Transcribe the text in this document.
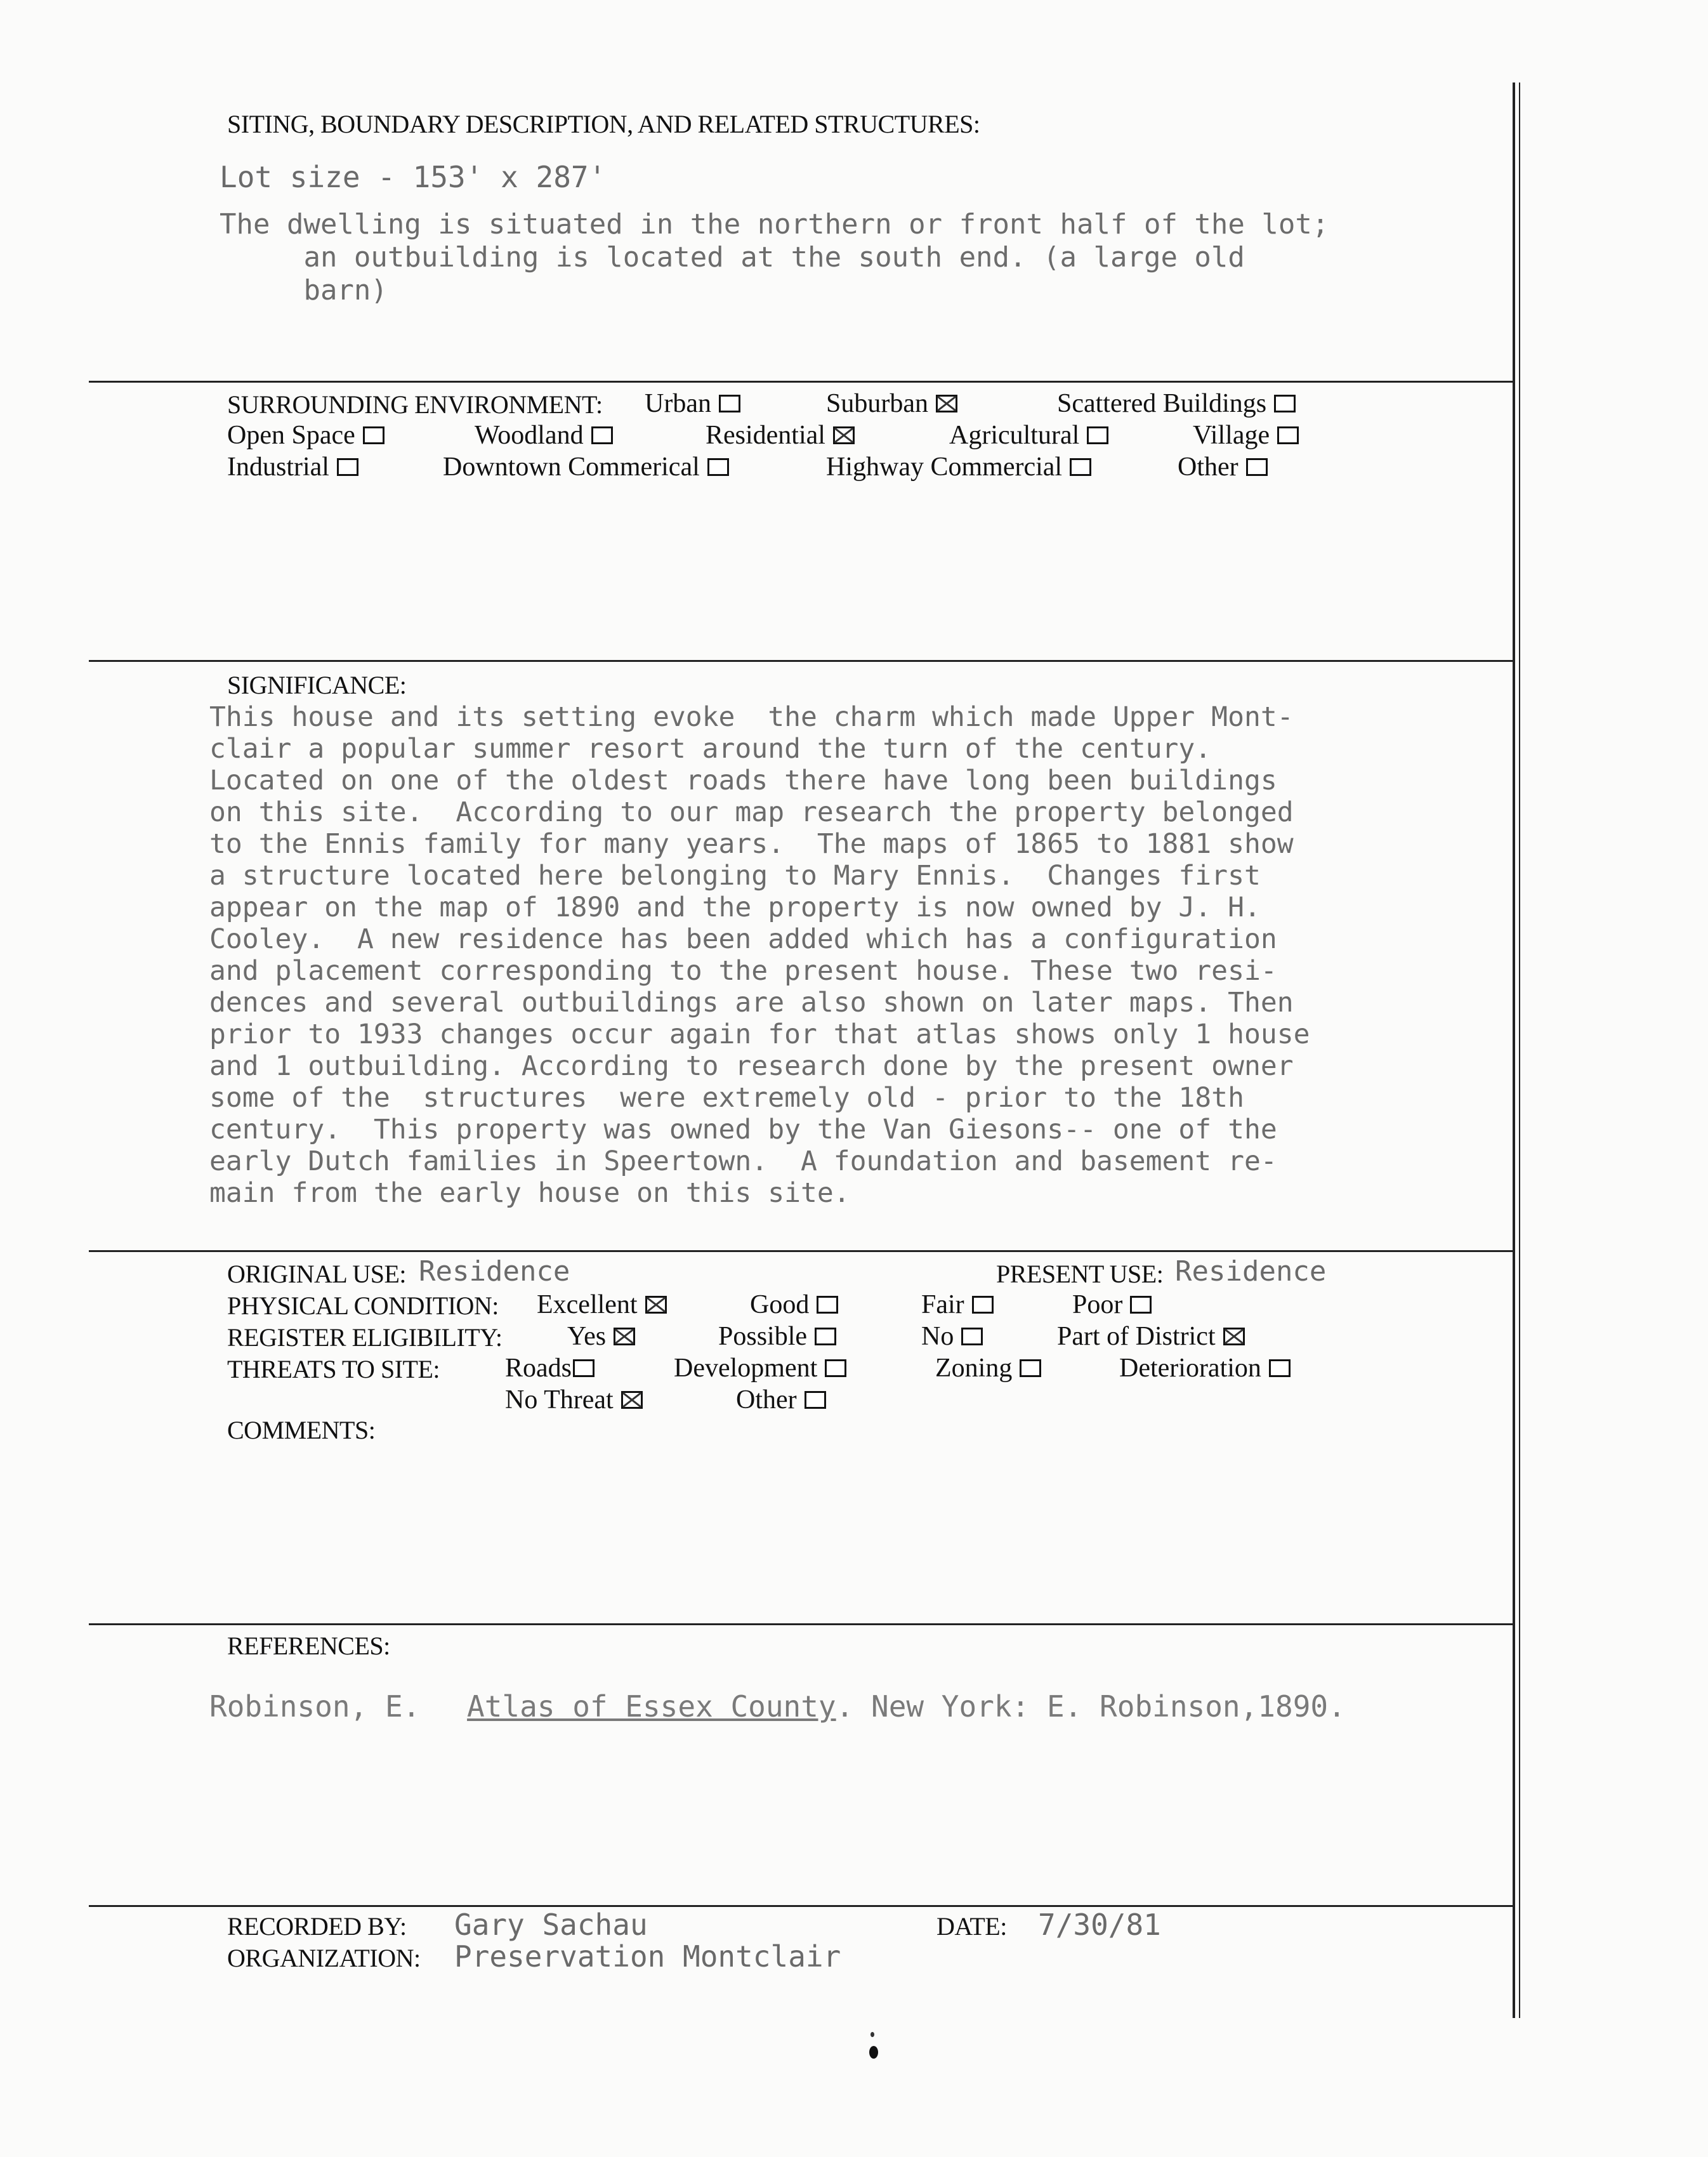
SITING, BOUNDARY DESCRIPTION, AND RELATED STRUCTURES:
Lot size - 153' x 287'
The dwelling is situated in the northern or front half of the lot;
an outbuilding is located at the south end. (a large old
barn)
SURROUNDING ENVIRONMENT: Urban	Suburban	Scattered Buildings
Open Space	Woodland	Residential	Agricultural	Village
Industrial	Downtown Commerical	Highway Commercial	Other
SIGNIFICANCE:
This house and its setting evoke  the charm which made Upper Mont-
clair a popular summer resort around the turn of the century.
Located on one of the oldest roads there have long been buildings
on this site.  According to our map research the property belonged
to the Ennis family for many years.  The maps of 1865 to 1881 show
a structure located here belonging to Mary Ennis.  Changes first
appear on the map of 1890 and the property is now owned by J. H.
Cooley.  A new residence has been added which has a configuration
and placement corresponding to the present house. These two resi-
dences and several outbuildings are also shown on later maps. Then
prior to 1933 changes occur again for that atlas shows only 1 house
and 1 outbuilding. According to research done by the present owner
some of the  structures  were extremely old - prior to the 18th
century.  This property was owned by the Van Giesons-- one of the
early Dutch families in Speertown.  A foundation and basement re-
main from the early house on this site.
ORIGINAL USE: Residence	PRESENT USE: Residence
PHYSICAL CONDITION: Excellent	Good	Fair	Poor
REGISTER ELIGIBILITY: Yes	Possible	No	Part of District
THREATS TO SITE: Roads	Development	Zoning	Deterioration
No Threat	Other
COMMENTS:
REFERENCES:
Robinson, E. Atlas of Essex County. New York: E. Robinson,1890.
RECORDED BY: Gary Sachau
ORGANIZATION: Preservation Montclair
DATE: 7/30/81
